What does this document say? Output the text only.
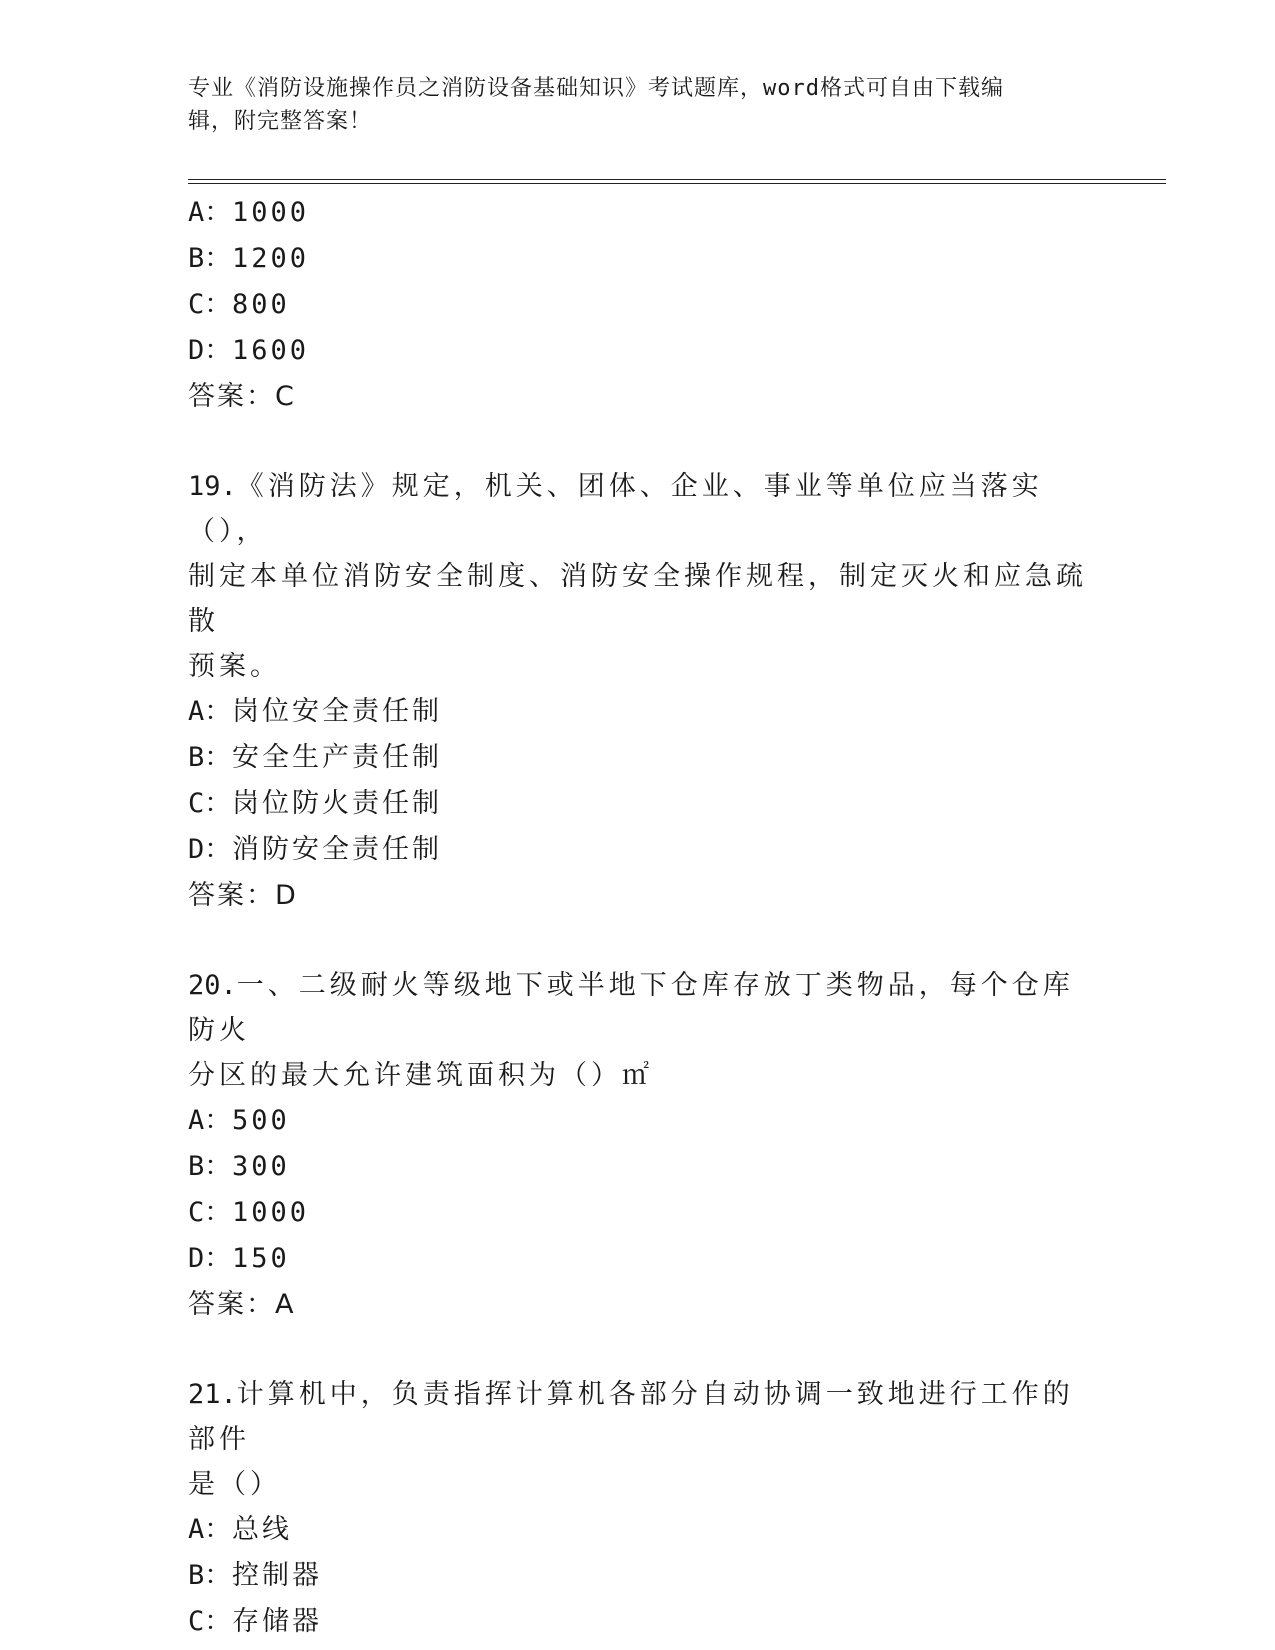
专业《消防设施操作员之消防设备基础知识》考试题库，word格式可自由下载编
辑，附完整答案！
A：1000
B：1200
C：800
D：1600
答案：C
19.《消防法》规定，机关、团体、企业、事业等单位应当落实（），
制定本单位消防安全制度、消防安全操作规程，制定灭火和应急疏散
预案。
A：岗位安全责任制
B：安全生产责任制
C：岗位防火责任制
D：消防安全责任制
答案：D
20.一、二级耐火等级地下或半地下仓库存放丁类物品，每个仓库防火
分区的最大允许建筑面积为（）㎡
A：500
B：300
C：1000
D：150
答案：A
21.计算机中，负责指挥计算机各部分自动协调一致地进行工作的部件
是（）
A：总线
B：控制器
C：存储器
